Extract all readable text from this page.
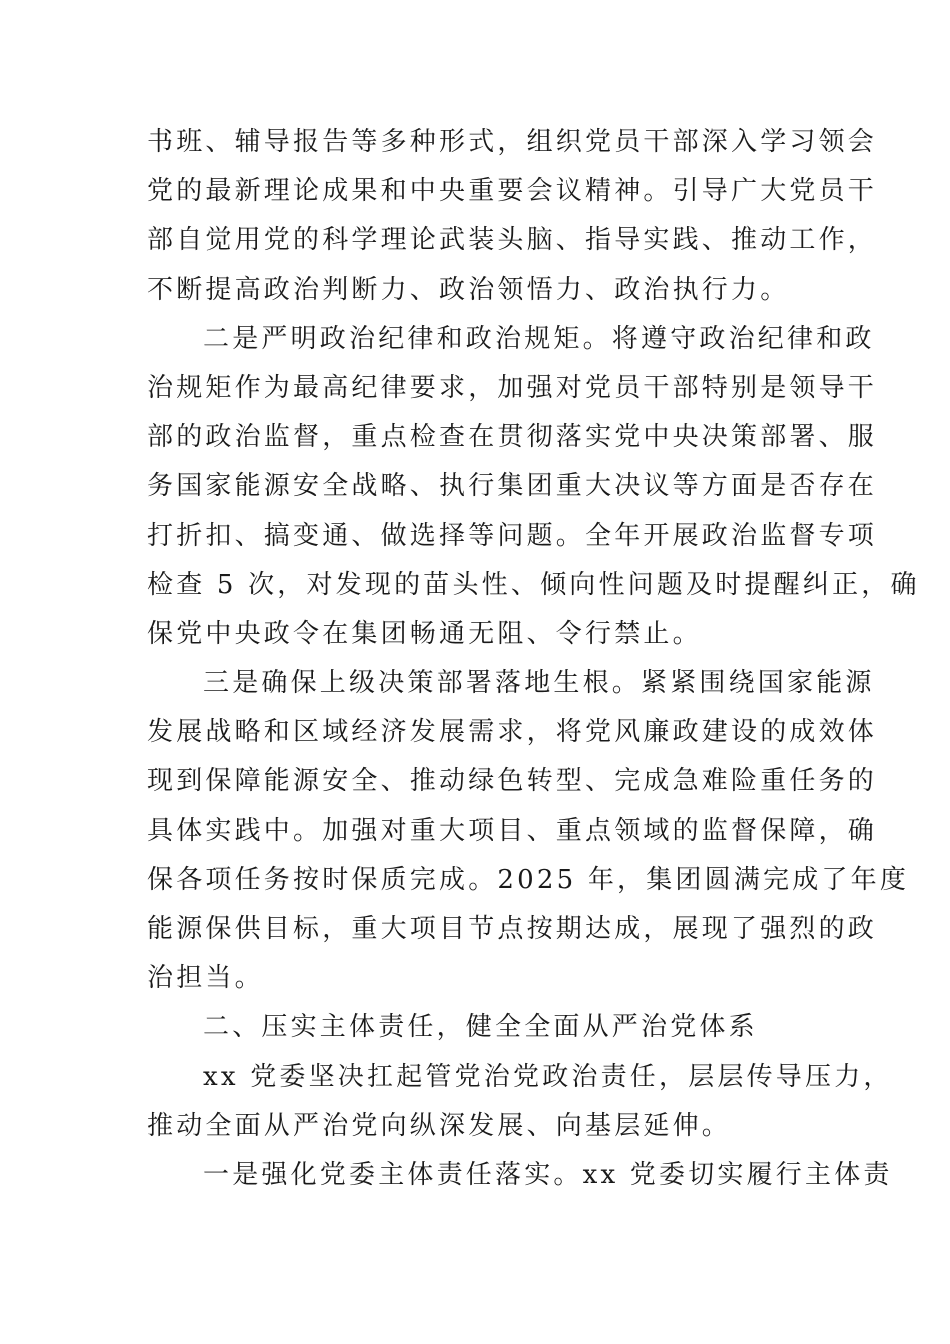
书班、辅导报告等多种形式，组织党员干部深入学习领会
党的最新理论成果和中央重要会议精神。引导广大党员干
部自觉用党的科学理论武装头脑、指导实践、推动工作，
不断提高政治判断力、政治领悟力、政治执行力。
二是严明政治纪律和政治规矩。将遵守政治纪律和政
治规矩作为最高纪律要求，加强对党员干部特别是领导干
部的政治监督，重点检查在贯彻落实党中央决策部署、服
务国家能源安全战略、执行集团重大决议等方面是否存在
打折扣、搞变通、做选择等问题。全年开展政治监督专项
检查 5 次，对发现的苗头性、倾向性问题及时提醒纠正，确
保党中央政令在集团畅通无阻、令行禁止。
三是确保上级决策部署落地生根。紧紧围绕国家能源
发展战略和区域经济发展需求，将党风廉政建设的成效体
现到保障能源安全、推动绿色转型、完成急难险重任务的
具体实践中。加强对重大项目、重点领域的监督保障，确
保各项任务按时保质完成。2025 年，集团圆满完成了年度
能源保供目标，重大项目节点按期达成，展现了强烈的政
治担当。
二、压实主体责任，健全全面从严治党体系
xx 党委坚决扛起管党治党政治责任，层层传导压力，
推动全面从严治党向纵深发展、向基层延伸。
一是强化党委主体责任落实。xx 党委切实履行主体责
